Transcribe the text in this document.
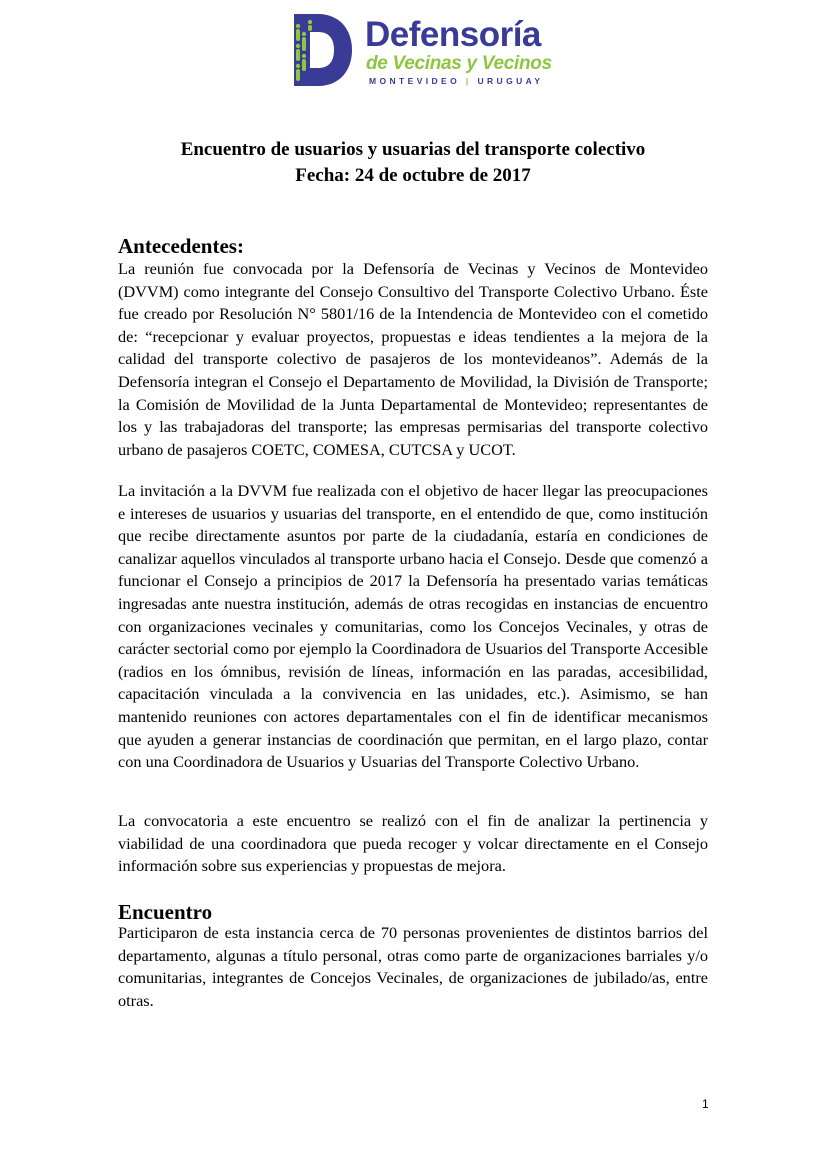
Defensoría
de Vecinas y Vecinos
MONTEVIDEO | URUGUAY
Encuentro de usuarios y usuarias del transporte colectivo
Fecha: 24 de octubre de 2017
Antecedentes:

La reunión fue convocada por la Defensoría de Vecinas y Vecinos de Montevideo (DVVM) como integrante del Consejo Consultivo del Transporte Colectivo Urbano. Éste fue creado por Resolución N° 5801/16 de la Intendencia de Montevideo con el cometido de: “recepcionar y evaluar proyectos, propuestas e ideas tendientes a la mejora de la calidad del transporte colectivo de pasajeros de los montevideanos”. Además de la Defensoría integran el Consejo el Departamento de Movilidad, la División de Transporte; la Comisión de Movilidad de la Junta Departamental de Montevideo; representantes de los y las trabajadoras del transporte; las empresas permisarias del transporte colectivo urbano de pasajeros COETC, COMESA, CUTCSA y UCOT.

La invitación a la DVVM fue realizada con el objetivo de hacer llegar las preocupaciones e intereses de usuarios y usuarias del transporte, en el entendido de que, como institución que recibe directamente asuntos por parte de la ciudadanía, estaría en condiciones de canalizar aquellos vinculados al transporte urbano hacia el Consejo. Desde que comenzó a funcionar el Consejo a principios de 2017 la Defensoría ha presentado varias temáticas ingresadas ante nuestra institución, además de otras recogidas en instancias de encuentro con organizaciones vecinales y comunitarias, como los Concejos Vecinales, y otras de carácter sectorial como por ejemplo la Coordinadora de Usuarios del Transporte Accesible (radios en los ómnibus, revisión de líneas, información en las paradas, accesibilidad, capacitación vinculada a la convivencia en las unidades, etc.). Asimismo, se han mantenido reuniones con actores departamentales con el fin de identificar mecanismos que ayuden a generar instancias de coordinación que permitan, en el largo plazo, contar con una Coordinadora de Usuarios y Usuarias del Transporte Colectivo Urbano.

La convocatoria a este encuentro se realizó con el fin de analizar la pertinencia y viabilidad de una coordinadora que pueda recoger y volcar directamente en el Consejo información sobre sus experiencias y propuestas de mejora.

Encuentro

Participaron de esta instancia cerca de 70 personas provenientes de distintos barrios del departamento, algunas a título personal, otras como parte de organizaciones barriales y/o comunitarias, integrantes de Concejos Vecinales, de organizaciones de jubilado/as, entre otras.

1
